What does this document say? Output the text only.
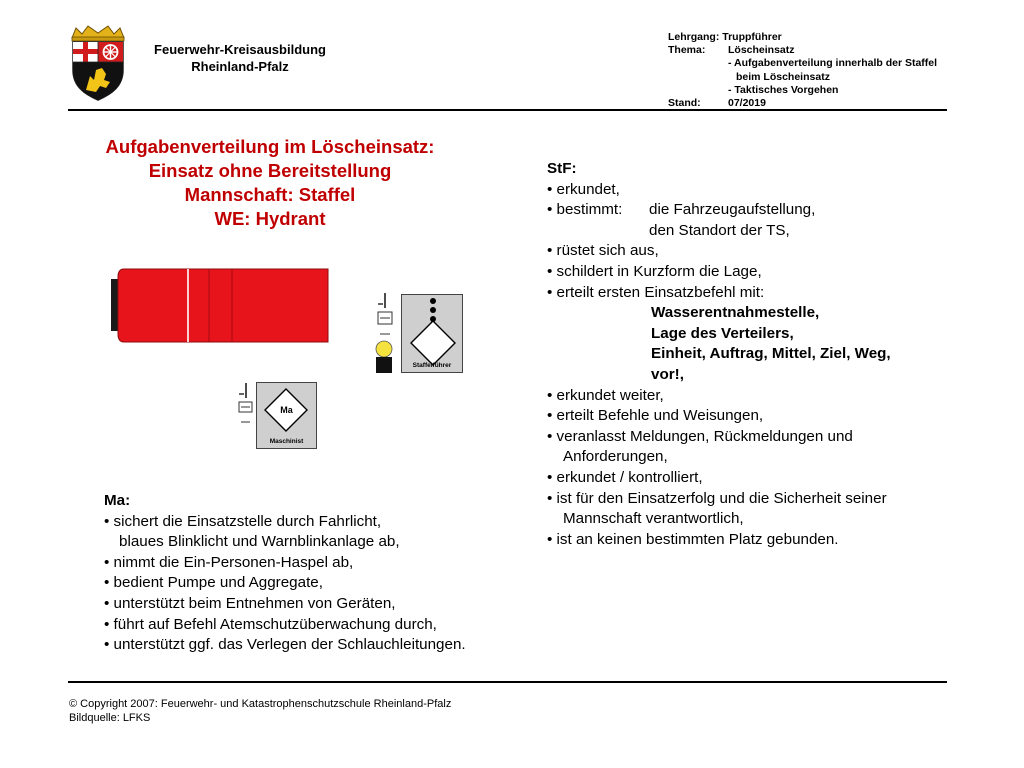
Feuerwehr-Kreisausbildung
Rheinland-Pfalz
Lehrgang: Truppführer
Thema: Löscheinsatz
- Aufgabenverteilung innerhalb der Staffel
beim Löscheinsatz
- Taktisches Vorgehen
Stand:	07/2019
Aufgabenverteilung im Löscheinsatz:
Einsatz ohne Bereitstellung
Mannschaft: Staffel
WE: Hydrant
Staffelführer
Ma
Maschinist
Ma:
• sichert die Einsatzstelle durch Fahrlicht,
blaues Blinklicht und Warnblinkanlage ab,
• nimmt die Ein-Personen-Haspel ab,
• bedient Pumpe und Aggregate,
• unterstützt beim Entnehmen von Geräten,
• führt auf Befehl Atemschutzüberwachung durch,
• unterstützt ggf. das Verlegen der Schlauchleitungen.
StF:
• erkundet,
• bestimmt: die Fahrzeugaufstellung,
den Standort der TS,
• rüstet sich aus,
• schildert in Kurzform die Lage,
• erteilt ersten Einsatzbefehl mit:
Wasserentnahmestelle,
Lage des Verteilers,
Einheit, Auftrag, Mittel, Ziel, Weg,
vor!,
• erkundet weiter,
• erteilt Befehle und Weisungen,
• veranlasst Meldungen, Rückmeldungen und
Anforderungen,
• erkundet / kontrolliert,
• ist für den Einsatzerfolg und die Sicherheit seiner
Mannschaft verantwortlich,
• ist an keinen bestimmten Platz gebunden.
© Copyright 2007: Feuerwehr- und Katastrophenschutzschule Rheinland-Pfalz
Bildquelle: LFKS
